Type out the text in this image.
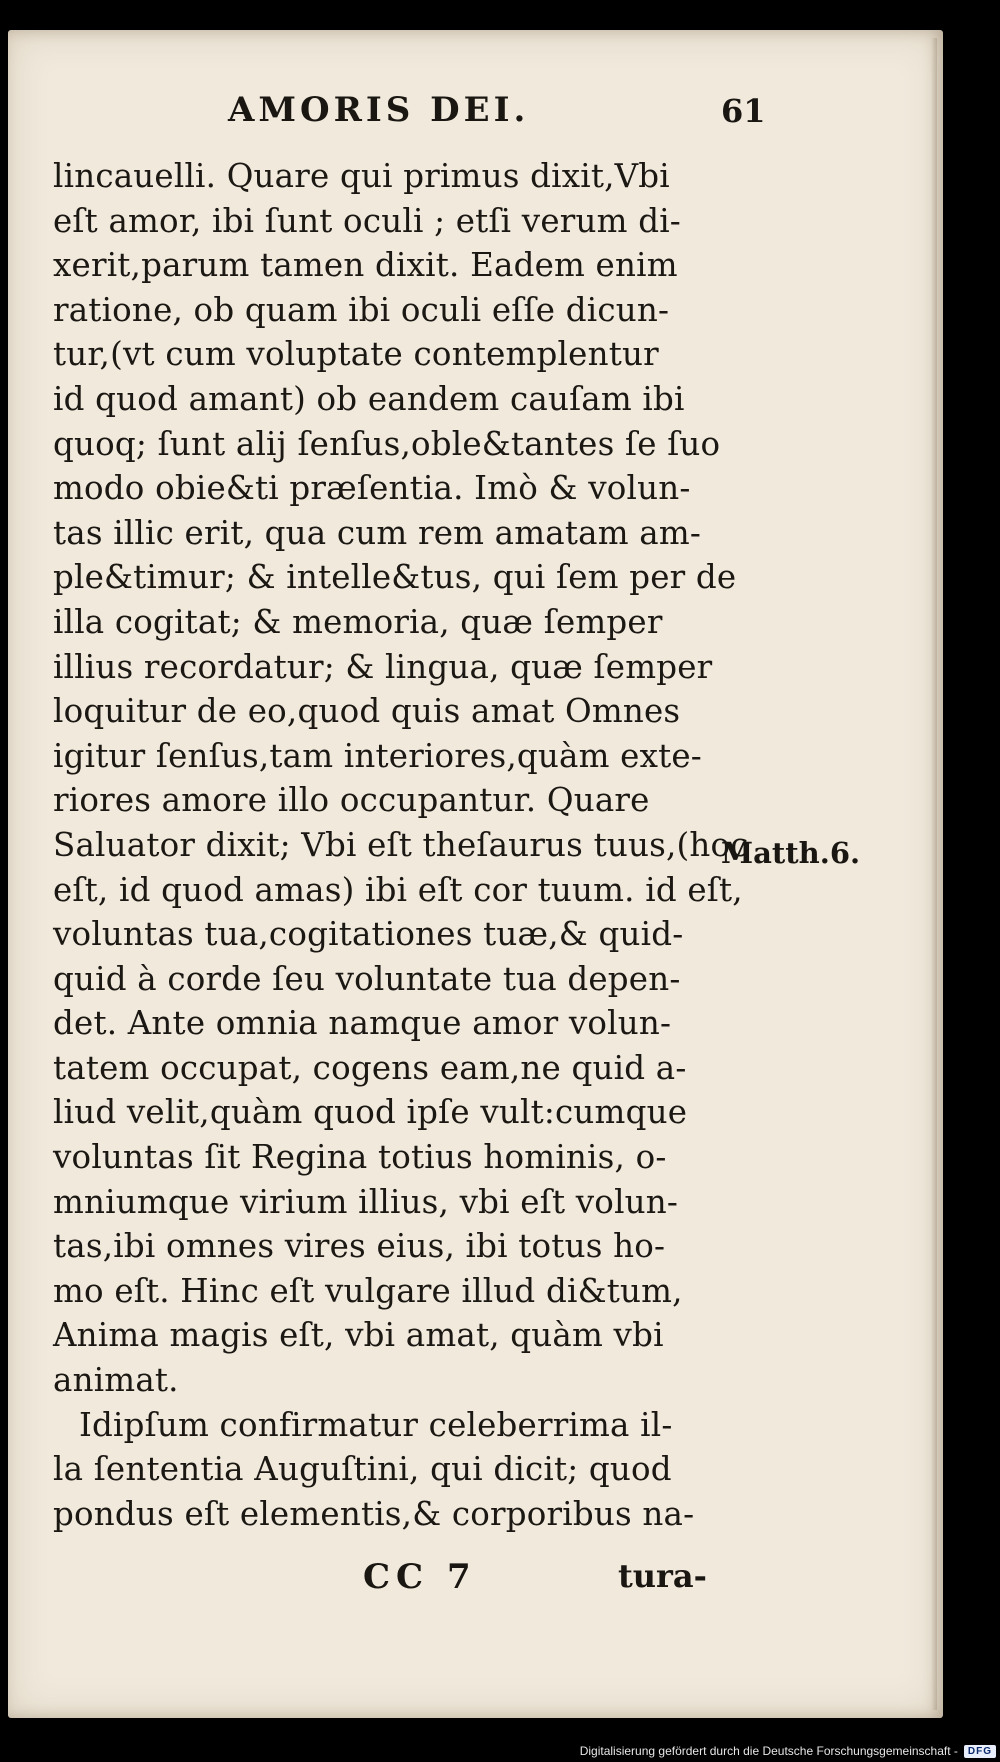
AMORIS DEI.	61
lincauelli. Quare qui primus dixit,Vbi
eſt amor, ibi ſunt oculi ; etſi verum di-
xerit,parum tamen dixit. Eadem enim
ratione, ob quam ibi oculi eſſe dicun-
tur,(vt cum voluptate contemplentur
id quod amant) ob eandem cauſam ibi
quoq; ſunt alij ſenſus,oble&tantes ſe ſuo
modo obie&ti præſentia. Imò & volun-
tas illic erit, qua cum rem amatam am-
ple&timur; & intelle&tus, qui ſem per de
illa cogitat; & memoria, quæ ſemper
illius recordatur; & lingua, quæ ſemper
loquitur de eo,quod quis amat Omnes
igitur ſenſus,tam interiores,quàm exte-
riores amore illo occupantur. Quare
Saluator dixit; Vbi eſt theſaurus tuus,(hoc
eſt, id quod amas) ibi eſt cor tuum. id eſt,
voluntas tua,cogitationes tuæ,& quid-
quid à corde ſeu voluntate tua depen-
det. Ante omnia namque amor volun-
tatem occupat, cogens eam,ne quid a-
liud velit,quàm quod ipſe vult:cumque
voluntas ſit Regina totius hominis, o-
mniumque virium illius, vbi eſt volun-
tas,ibi omnes vires eius, ibi totus ho-
mo eſt. Hinc eſt vulgare illud di&tum,
Anima magis eſt, vbi amat, quàm vbi
animat.
Idipſum confirmatur celeberrima il-
la ſententia Auguſtini, qui dicit; quod
pondus eſt elementis,& corporibus na-
Matth.6.
CC 7	tura-
Digitalisierung gefördert durch die Deutsche Forschungsgemeinschaft -	DFG
